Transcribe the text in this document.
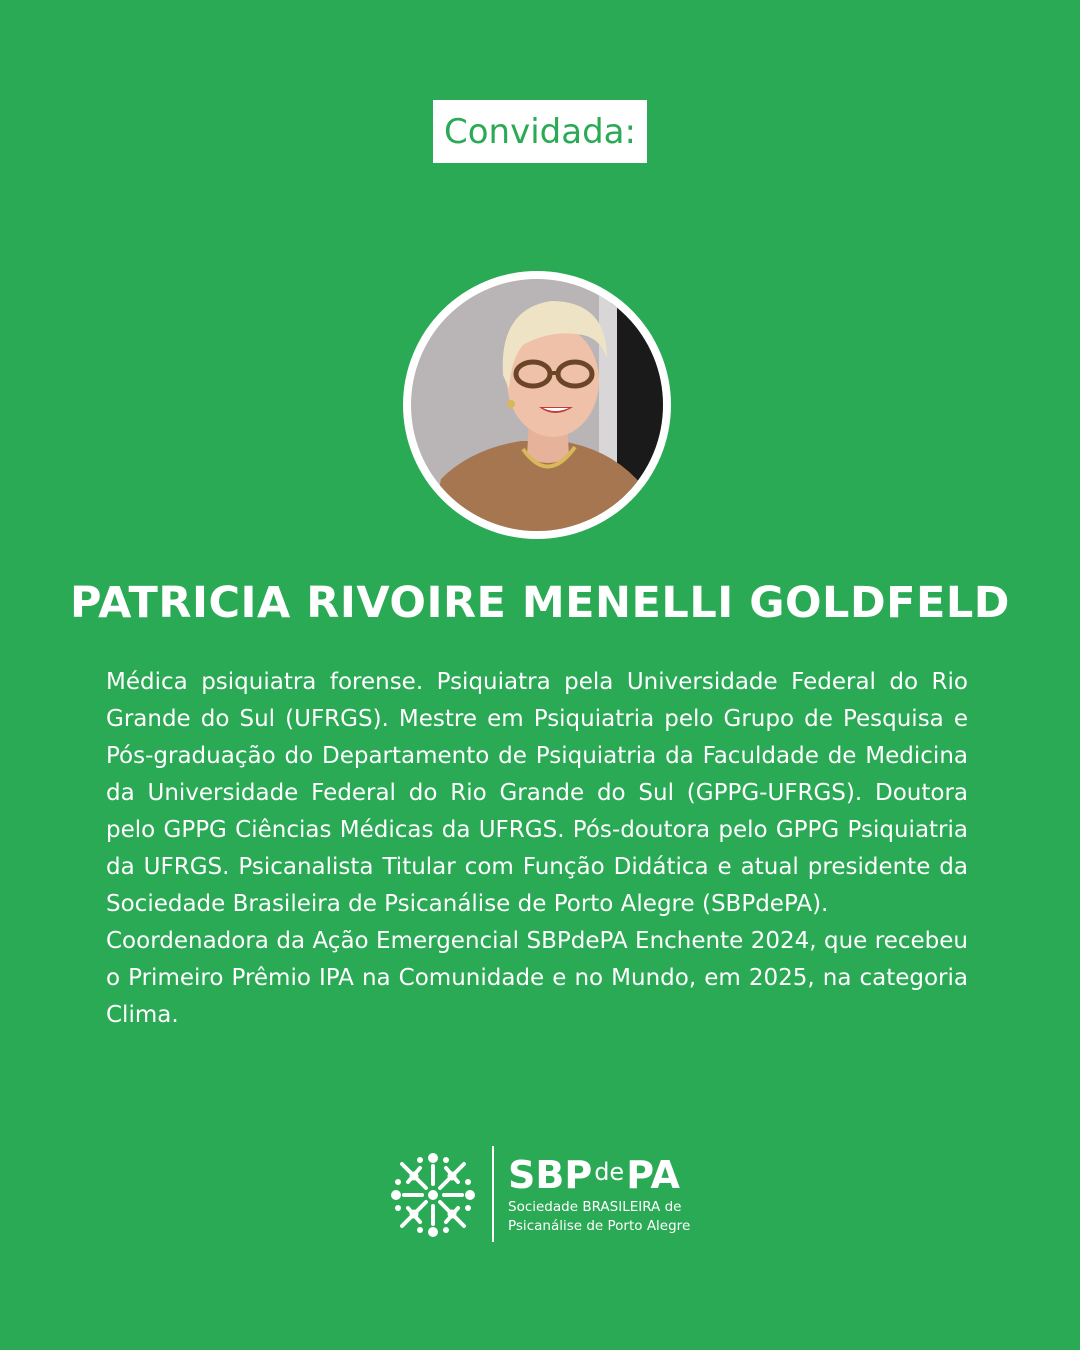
Convidada:
PATRICIA RIVOIRE MENELLI GOLDFELD

Médica psiquiatra forense. Psiquiatra pela Universidade Federal do Rio Grande do Sul (UFRGS). Mestre em Psiquiatria pelo Grupo de Pesquisa e Pós-graduação do Departamento de Psiquiatria da Faculdade de Medicina da Universidade Federal do Rio Grande do Sul (GPPG-UFRGS). Doutora pelo GPPG Ciências Médicas da UFRGS. Pós-doutora pelo GPPG Psiquiatria da UFRGS. Psicanalista Titular com Função Didática e atual presidente da Sociedade Brasileira de Psicanálise de Porto Alegre (SBPdePA).

Coordenadora da Ação Emergencial SBPdePA Enchente 2024, que recebeu o Primeiro Prêmio IPA na Comunidade e no Mundo, em 2025, na categoria Clima.

$SBP^{de}PA$
Sociedade BRASILEIRA de
Psicanálise de Porto Alegre
